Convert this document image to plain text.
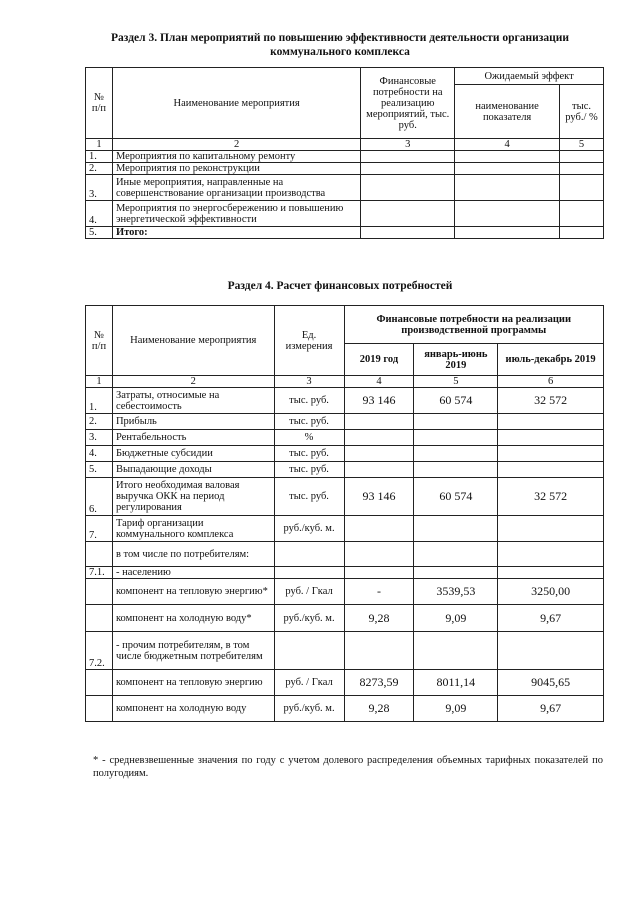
Раздел 3. План мероприятий по повышению эффективности деятельности организации
коммунального комплекса
№ п/п	Наименование мероприятия	Финансовые потребности на реализацию мероприятий, тыс. руб.	Ожидаемый эффект	
			наименование показателя	тыс. руб./ %
1	2	3	4	5
1.	Мероприятия по капитальному ремонту			
2.	Мероприятия по реконструкции			
3.	Иные мероприятия, направленные на совершенствование организации производства			
4.	Мероприятия по энергосбережению и повышению энергетической эффективности			
5.	Итого:			
Раздел 4. Расчет финансовых потребностей
№ п/п	Наименование мероприятия	Ед. измерения	Финансовые потребности на реализации производственной программы		
			2019 год	январь-июнь 2019	июль-декабрь 2019
1	2	3	4	5	6
1.	Затраты, относимые на себестоимость	тыс. руб.	93 146	60 574	32 572
2.	Прибыль	тыс. руб.			
3.	Рентабельность	%			
4.	Бюджетные субсидии	тыс. руб.			
5.	Выпадающие доходы	тыс. руб.			
6.	Итого необходимая валовая выручка ОКК на период регулирования	тыс. руб.	93 146	60 574	32 572
7.	Тариф организации коммунального комплекса	руб./куб. м.			
	в том числе по потребителям:				
7.1.	- населению				
	компонент на тепловую энергию*	руб. / Гкал	-	3539,53	3250,00
	компонент на холодную воду*	руб./куб. м.	9,28	9,09	9,67
7.2.	- прочим потребителям, в том числе бюджетным потребителям				
	компонент на тепловую энергию	руб. / Гкал	8273,59	8011,14	9045,65
	компонент на холодную воду	руб./куб. м.	9,28	9,09	9,67
* - средневзвешенные значения по году с учетом долевого распределения объемных тарифных показателей по полугодиям.
